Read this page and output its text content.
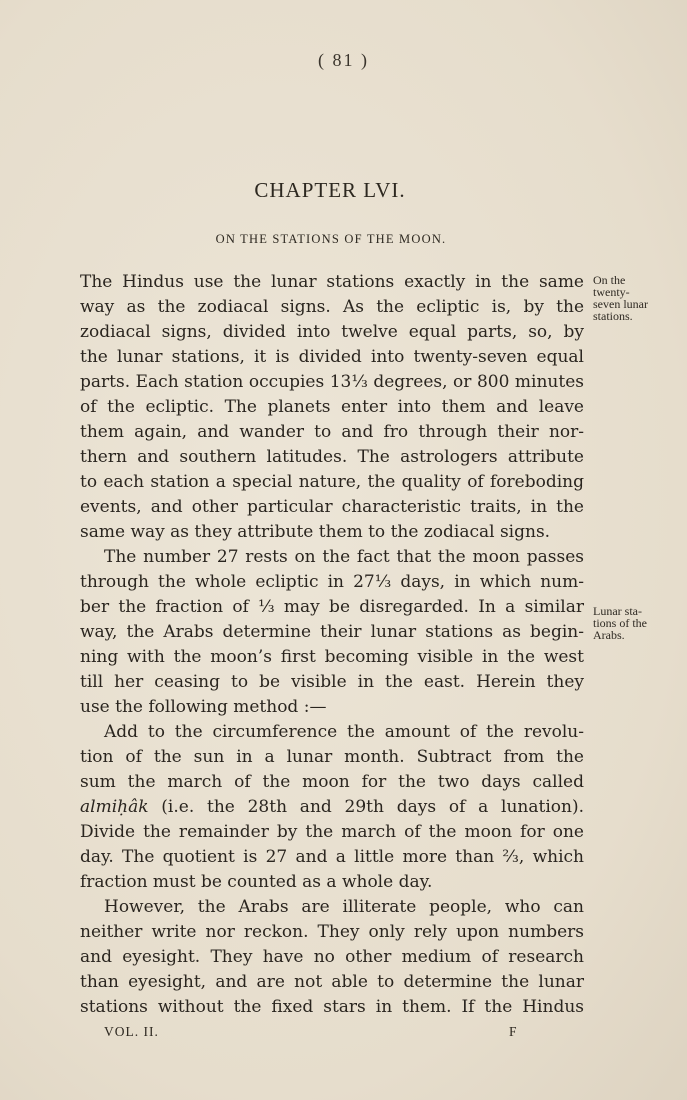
( 81 )
CHAPTER LVI.
ON THE STATIONS OF THE MOON.
The Hindus use the lunar stations exactly in the same
way as the zodiacal signs. As the ecliptic is, by the
zodiacal signs, divided into twelve equal parts, so, by
the lunar stations, it is divided into twenty-seven equal
parts. Each station occupies 13⅓ degrees, or 800 minutes
of the ecliptic. The planets enter into them and leave
them again, and wander to and fro through their nor-
thern and southern latitudes. The astrologers attribute
to each station a special nature, the quality of foreboding
events, and other particular characteristic traits, in the
same way as they attribute them to the zodiacal signs.
The number 27 rests on the fact that the moon passes
through the whole ecliptic in 27⅓ days, in which num-
ber the fraction of ⅓ may be disregarded. In a similar
way, the Arabs determine their lunar stations as begin-
ning with the moon’s first becoming visible in the west
till her ceasing to be visible in the east. Herein they
use the following method :—
Add to the circumference the amount of the revolu-
tion of the sun in a lunar month. Subtract from the
sum the march of the moon for the two days called
almiḥâk (i.e. the 28th and 29th days of a lunation).
Divide the remainder by the march of the moon for one
day. The quotient is 27 and a little more than ⅔, which
fraction must be counted as a whole day.
However, the Arabs are illiterate people, who can
neither write nor reckon. They only rely upon numbers
and eyesight. They have no other medium of research
than eyesight, and are not able to determine the lunar
stations without the fixed stars in them. If the Hindus
On the
twenty-
seven lunar
stations.
Lunar sta-
tions of the
Arabs.
VOL. II.	F
